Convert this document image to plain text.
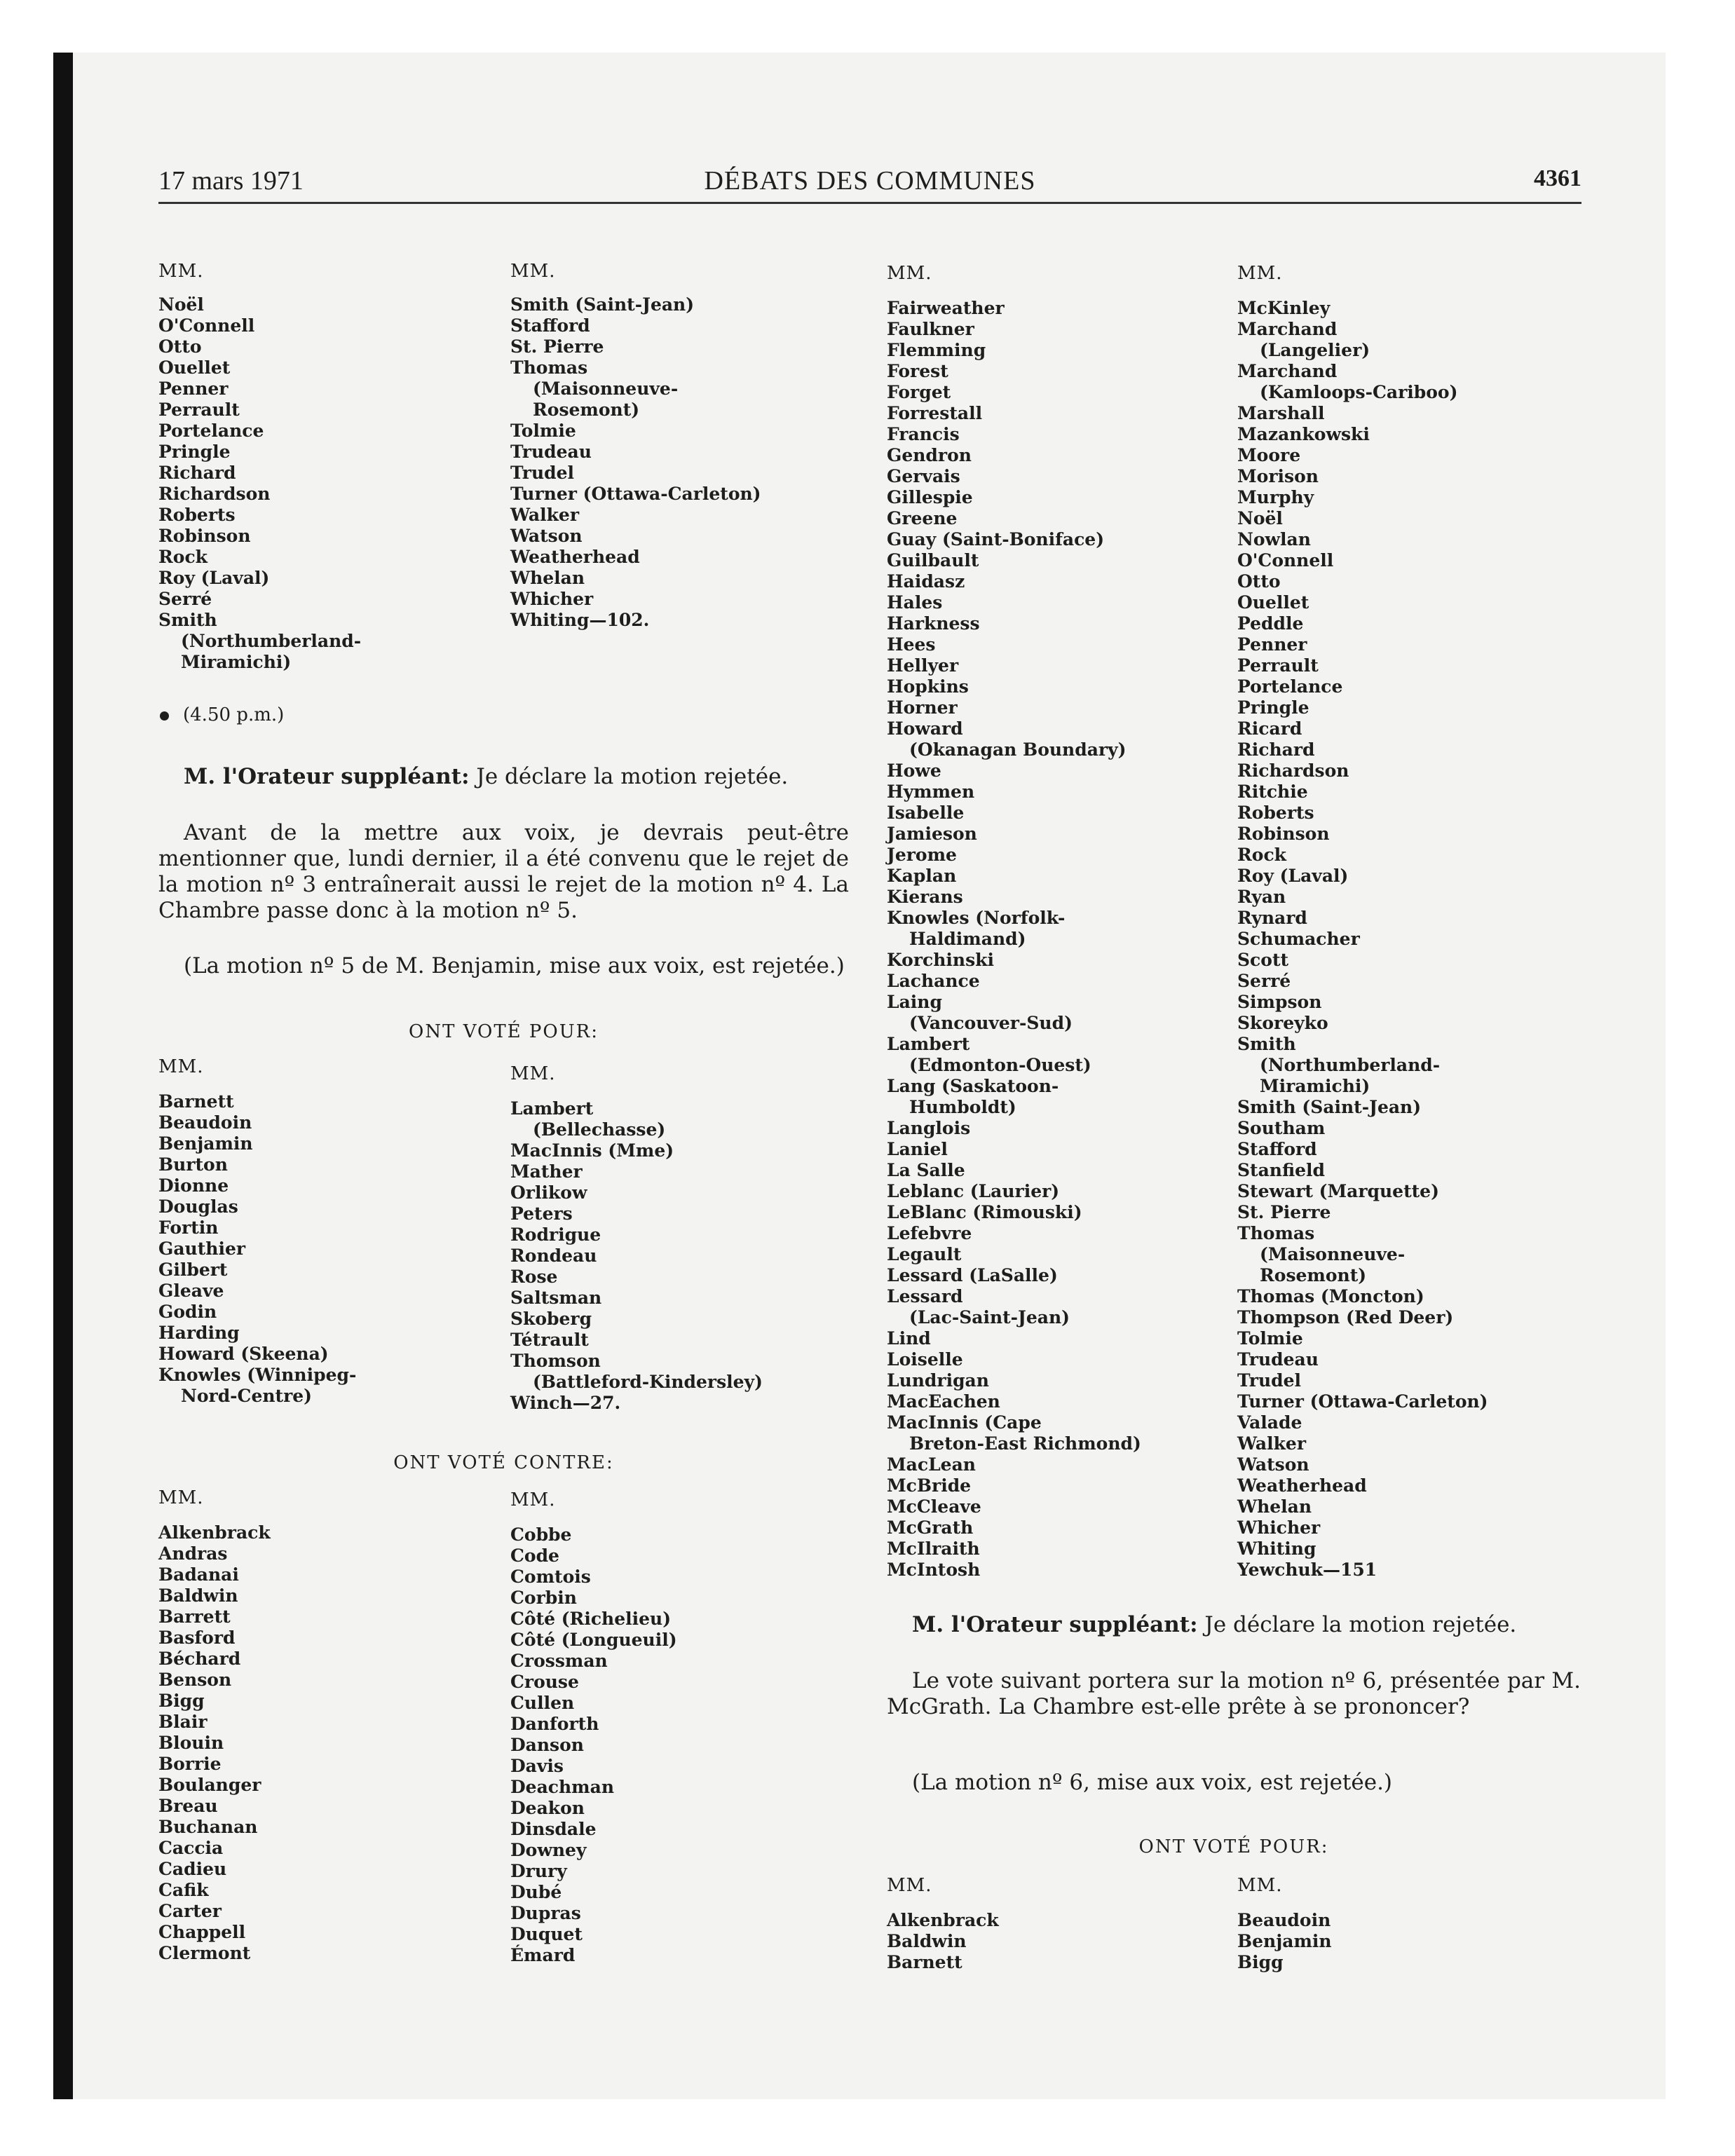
DÉBATS DES COMMUNES
17 mars 1971	4361
MM.	MM.
Noël
O'Connell
Otto
Ouellet
Penner
Perrault
Portelance
Pringle
Richard
Richardson
Roberts
Robinson
Rock
Roy (Laval)
Serré
Smith
(Northumberland-
Miramichi)
Smith (Saint-Jean)
Stafford
St. Pierre
Thomas
(Maisonneuve-
Rosemont)
Tolmie
Trudeau
Trudel
Turner (Ottawa-Carleton)
Walker
Watson
Weatherhead
Whelan
Whicher
Whiting—102.
(4.50 p.m.)
M. l'Orateur suppléant: Je déclare la motion rejetée.
Avant de la mettre aux voix, je devrais peut-être mentionner que, lundi dernier, il a été convenu que le rejet de la motion nº 3 entraînerait aussi le rejet de la motion nº 4. La Chambre passe donc à la motion nº 5.
(La motion nº 5 de M. Benjamin, mise aux voix, est rejetée.)
ONT VOTÉ POUR:
MM.	MM.
Barnett
Beaudoin
Benjamin
Burton
Dionne
Douglas
Fortin
Gauthier
Gilbert
Gleave
Godin
Harding
Howard (Skeena)
Knowles (Winnipeg-
Nord-Centre)
Lambert
(Bellechasse)
MacInnis (Mme)
Mather
Orlikow
Peters
Rodrigue
Rondeau
Rose
Saltsman
Skoberg
Tétrault
Thomson
(Battleford-Kindersley)
Winch—27.
ONT VOTÉ CONTRE:
MM.	MM.
Alkenbrack
Andras
Badanai
Baldwin
Barrett
Basford
Béchard
Benson
Bigg
Blair
Blouin
Borrie
Boulanger
Breau
Buchanan
Caccia
Cadieu
Cafik
Carter
Chappell
Clermont
Cobbe
Code
Comtois
Corbin
Côté (Richelieu)
Côté (Longueuil)
Crossman
Crouse
Cullen
Danforth
Danson
Davis
Deachman
Deakon
Dinsdale
Downey
Drury
Dubé
Dupras
Duquet
Émard
MM.	MM.
Fairweather
Faulkner
Flemming
Forest
Forget
Forrestall
Francis
Gendron
Gervais
Gillespie
Greene
Guay (Saint-Boniface)
Guilbault
Haidasz
Hales
Harkness
Hees
Hellyer
Hopkins
Horner
Howard
(Okanagan Boundary)
Howe
Hymmen
Isabelle
Jamieson
Jerome
Kaplan
Kierans
Knowles (Norfolk-
Haldimand)
Korchinski
Lachance
Laing
(Vancouver-Sud)
Lambert
(Edmonton-Ouest)
Lang (Saskatoon-
Humboldt)
Langlois
Laniel
La Salle
Leblanc (Laurier)
LeBlanc (Rimouski)
Lefebvre
Legault
Lessard (LaSalle)
Lessard
(Lac-Saint-Jean)
Lind
Loiselle
Lundrigan
MacEachen
MacInnis (Cape
Breton-East Richmond)
MacLean
McBride
McCleave
McGrath
McIlraith
McIntosh
McKinley
Marchand
(Langelier)
Marchand
(Kamloops-Cariboo)
Marshall
Mazankowski
Moore
Morison
Murphy
Noël
Nowlan
O'Connell
Otto
Ouellet
Peddle
Penner
Perrault
Portelance
Pringle
Ricard
Richard
Richardson
Ritchie
Roberts
Robinson
Rock
Roy (Laval)
Ryan
Rynard
Schumacher
Scott
Serré
Simpson
Skoreyko
Smith
(Northumberland-
Miramichi)
Smith (Saint-Jean)
Southam
Stafford
Stanfield
Stewart (Marquette)
St. Pierre
Thomas
(Maisonneuve-
Rosemont)
Thomas (Moncton)
Thompson (Red Deer)
Tolmie
Trudeau
Trudel
Turner (Ottawa-Carleton)
Valade
Walker
Watson
Weatherhead
Whelan
Whicher
Whiting
Yewchuk—151
M. l'Orateur suppléant: Je déclare la motion rejetée.
Le vote suivant portera sur la motion nº 6, présentée par M. McGrath. La Chambre est-elle prête à se prononcer?
(La motion nº 6, mise aux voix, est rejetée.)
ONT VOTÉ POUR:
MM.	MM.
Alkenbrack
Baldwin
Barnett
Beaudoin
Benjamin
Bigg
